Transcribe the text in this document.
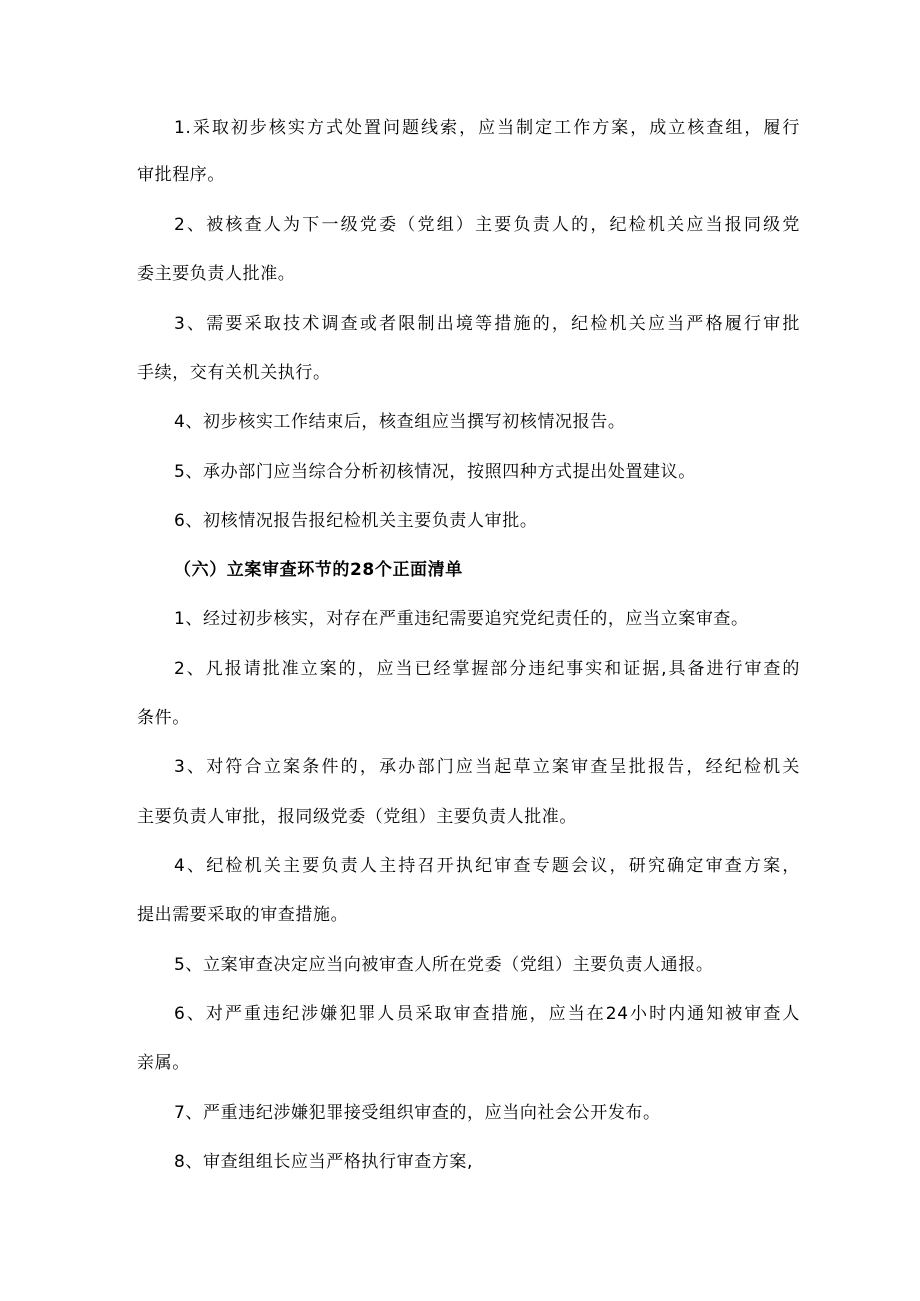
1.采取初步核实方式处置问题线索，应当制定工作方案，成立核查组，履行
审批程序。
2、被核查人为下一级党委（党组）主要负责人的，纪检机关应当报同级党
委主要负责人批准。
3、需要采取技术调查或者限制出境等措施的，纪检机关应当严格履行审批
手续，交有关机关执行。
4、初步核实工作结束后，核查组应当撰写初核情况报告。
5、承办部门应当综合分析初核情况，按照四种方式提出处置建议。
6、初核情况报告报纪检机关主要负责人审批。
（六）立案审查环节的28个正面清单
1、经过初步核实，对存在严重违纪需要追究党纪责任的，应当立案审查。
2、凡报请批准立案的，应当已经掌握部分违纪事实和证据,具备进行审查的
条件。
3、对符合立案条件的，承办部门应当起草立案审查呈批报告，经纪检机关
主要负责人审批，报同级党委（党组）主要负责人批准。
4、纪检机关主要负责人主持召开执纪审查专题会议，研究确定审查方案，
提出需要采取的审查措施。
5、立案审查决定应当向被审查人所在党委（党组）主要负责人通报。
6、对严重违纪涉嫌犯罪人员采取审查措施，应当在24小时内通知被审查人
亲属。
7、严重违纪涉嫌犯罪接受组织审查的，应当向社会公开发布。
8、审查组组长应当严格执行审查方案,
